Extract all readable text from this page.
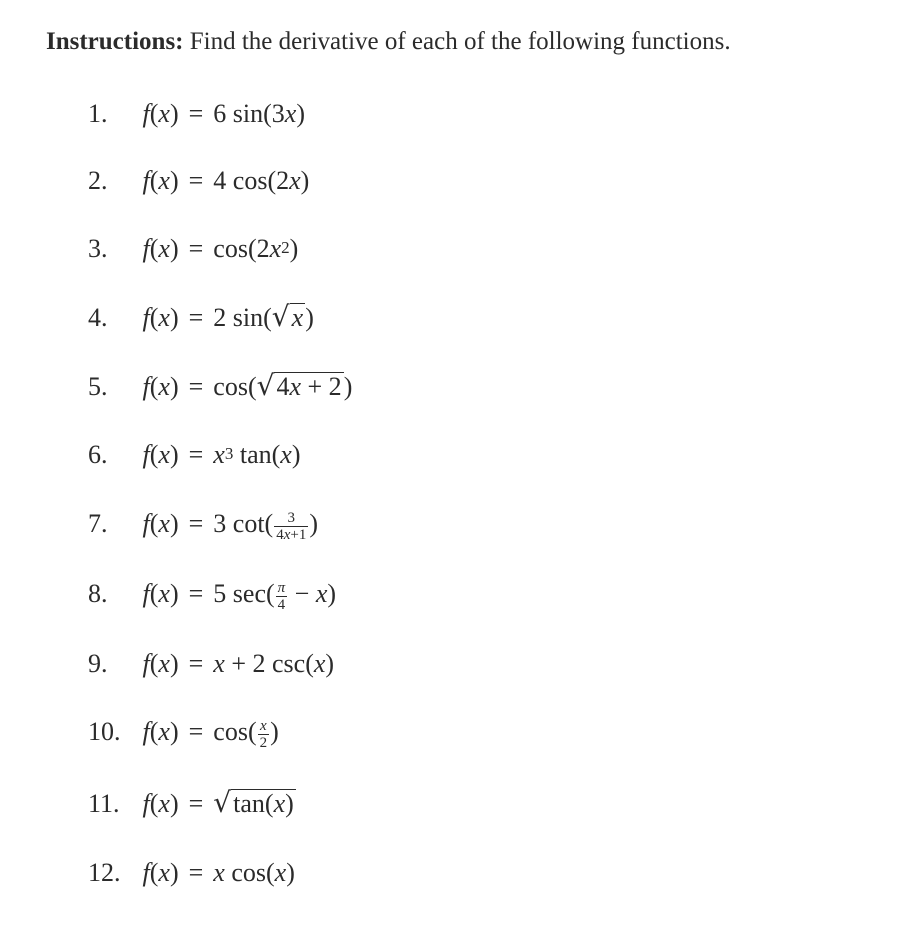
Instructions: Find the derivative of each of the following functions.
1. f(x) = 6 sin(3x)
2. f(x) = 4 cos(2x)
3. $f(x) = \cos(2x^2)$
4. f(x) = 2 sin(√x)
5. f(x) = cos(√4x + 2)
6. $f(x) = x^3$ tan(x)
7. f(x) = 3 $\cot( \frac{3}{4x+1}$ )
8. f(x) = 5 $\sec( \frac{\pi}{4} - x)$
9. f(x) = x + 2 csc(x)
10. $f(x) = \cos( \frac{x}{2}$ )
11. f(x) = √tan(x)
12. f(x) = x cos(x)
